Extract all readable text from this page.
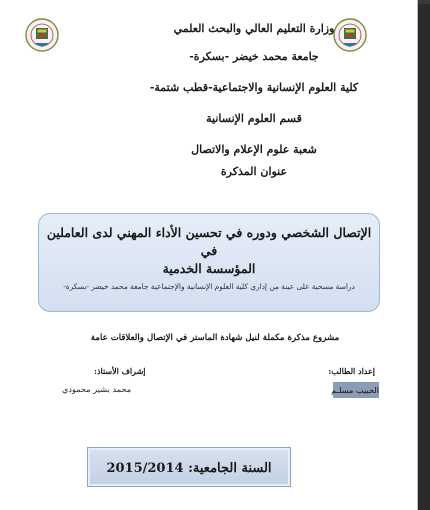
وزارة التعليم العالي والبحث العلمي
جامعة محمد خيضر -بسكرة-
كلية العلوم الإنسانية والاجتماعية-قطب شتمة-
قسم العلوم الإنسانية
شعبة علوم الإعلام والاتصال
عنوان المذكرة
الإتصال الشخصي ودوره في تحسين الأداء المهني لدى العاملين في
المؤسسة الخدمية
دراسة مسحية على عينة من إداري كلية العلوم الإنسانية والإجتماعية جامعة محمد خيضر -بسكرة-
مشروع مذكرة مكملة لنيل شهادة الماستر في الإتصال والعلاقات عامة
إعداد الطالب:
إشراف الأستاذ:
الحبيب مسلـم
محمد بشير محمودي
السنة الجامعية: 2015/2014
